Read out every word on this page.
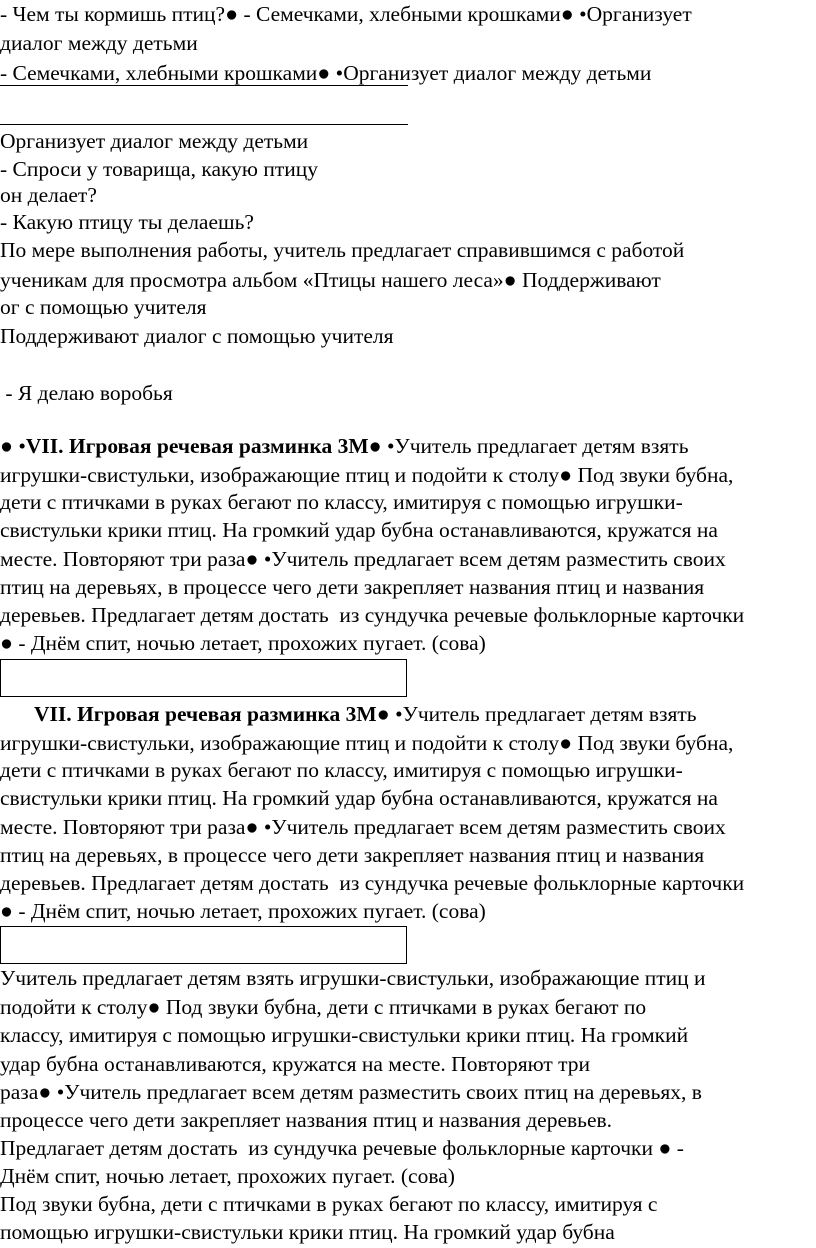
- Чем ты кормишь птиц?● - Семечками, хлебными крошками● •Организует
диалог между детьми
- Семечками, хлебными крошками● •Организует диалог между детьми
Организует диалог между детьми
- Спроси у товарища, какую птицу
он делает?
- Какую птицу ты делаешь?
По мере выполнения работы, учитель предлагает справившимся с работой
ученикам для просмотра альбом «Птицы нашего леса»● Поддерживают
ог с помощью учителя
Поддерживают диалог с помощью учителя
- Я делаю воробья
● •VII. Игровая речевая разминка 3М● •Учитель предлагает детям взять
игрушки-свистульки, изображающие птиц и подойти к столу● Под звуки бубна,
дети с птичками в руках бегают по классу, имитируя с помощью игрушки-
свистульки крики птиц. На громкий удар бубна останавливаются, кружатся на
месте. Повторяют три раза● •Учитель предлагает всем детям разместить своих
птиц на деревьях, в процессе чего дети закрепляет названия птиц и названия
деревьев. Предлагает детям достать  из сундучка речевые фольклорные карточки
● - Днём спит, ночью летает, прохожих пугает. (сова)
VII. Игровая речевая разминка 3М● •Учитель предлагает детям взять
игрушки-свистульки, изображающие птиц и подойти к столу● Под звуки бубна,
дети с птичками в руках бегают по классу, имитируя с помощью игрушки-
свистульки крики птиц. На громкий удар бубна останавливаются, кружатся на
месте. Повторяют три раза● •Учитель предлагает всем детям разместить своих
птиц на деревьях, в процессе чего дети закрепляет названия птиц и названия
деревьев. Предлагает детям достать  из сундучка речевые фольклорные карточки
● - Днём спит, ночью летает, прохожих пугает. (сова)
Учитель предлагает детям взять игрушки-свистульки, изображающие птиц и
подойти к столу● Под звуки бубна, дети с птичками в руках бегают по
классу, имитируя с помощью игрушки-свистульки крики птиц. На громкий
удар бубна останавливаются, кружатся на месте. Повторяют три
раза● •Учитель предлагает всем детям разместить своих птиц на деревьях, в
процессе чего дети закрепляет названия птиц и названия деревьев.
Предлагает детям достать  из сундучка речевые фольклорные карточки ● -
Днём спит, ночью летает, прохожих пугает. (сова)
Под звуки бубна, дети с птичками в руках бегают по классу, имитируя с
помощью игрушки-свистульки крики птиц. На громкий удар бубна
